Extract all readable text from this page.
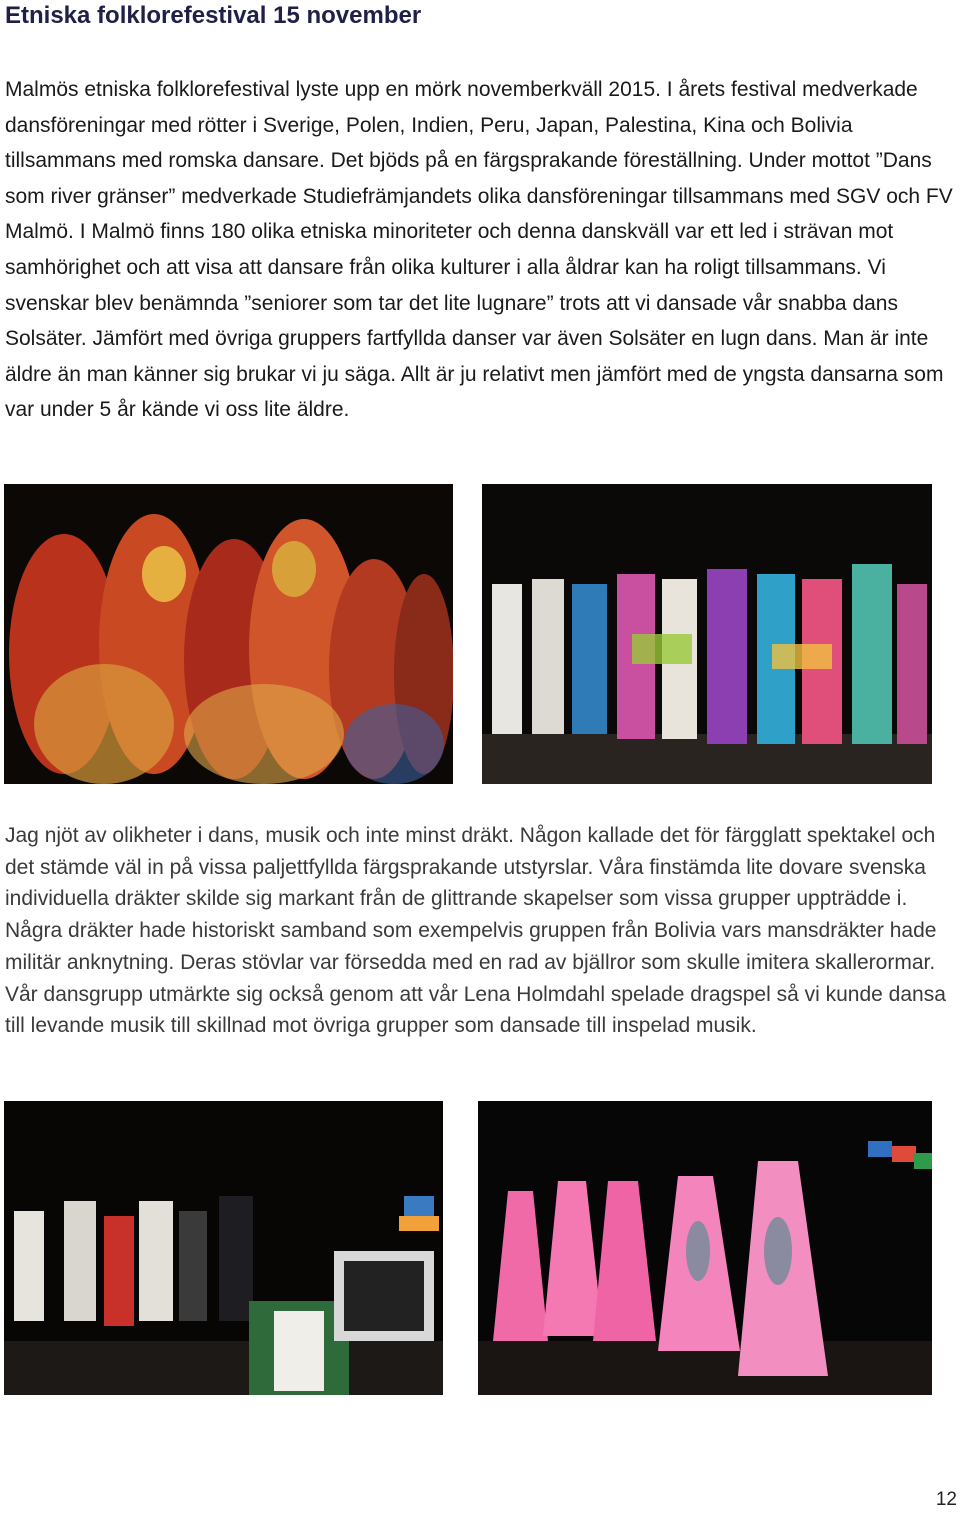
Etniska folklorefestival 15 november

Malmös etniska folklorefestival lyste upp en mörk novemberkväll 2015. I årets festival medverkade dansföreningar med rötter i Sverige, Polen, Indien, Peru, Japan, Palestina, Kina och Bolivia tillsammans med romska dansare. Det bjöds på en färgsprakande föreställning. Under mottot ”Dans som river gränser” medverkade Studiefrämjandets olika dansföreningar tillsammans med SGV och FV Malmö. I Malmö finns 180 olika etniska minoriteter och denna danskväll var ett led i strävan mot samhörighet och att visa att dansare från olika kulturer i alla åldrar kan ha roligt tillsammans. Vi svenskar blev benämnda ”seniorer som tar det lite lugnare” trots att vi dansade vår snabba dans Solsäter. Jämfört med övriga gruppers fartfyllda danser var även Solsäter en lugn dans. Man är inte äldre än man känner sig brukar vi ju säga. Allt är ju relativt men jämfört med de yngsta dansarna som var under 5 år kände vi oss lite äldre.

Jag njöt av olikheter i dans, musik och inte minst dräkt. Någon kallade det för färgglatt spektakel och det stämde väl in på vissa paljettfyllda färgsprakande utstyrslar. Våra finstämda lite dovare svenska individuella dräkter skilde sig markant från de glittrande skapelser som vissa grupper uppträdde i. Några dräkter hade historiskt samband som exempelvis gruppen från Bolivia vars mansdräkter hade militär anknytning. Deras stövlar var försedda med en rad av bjällror som skulle imitera skallerormar. Vår dansgrupp utmärkte sig också genom att vår Lena Holmdahl spelade dragspel så vi kunde dansa till levande musik till skillnad mot övriga grupper som dansade till inspelad musik.

12
